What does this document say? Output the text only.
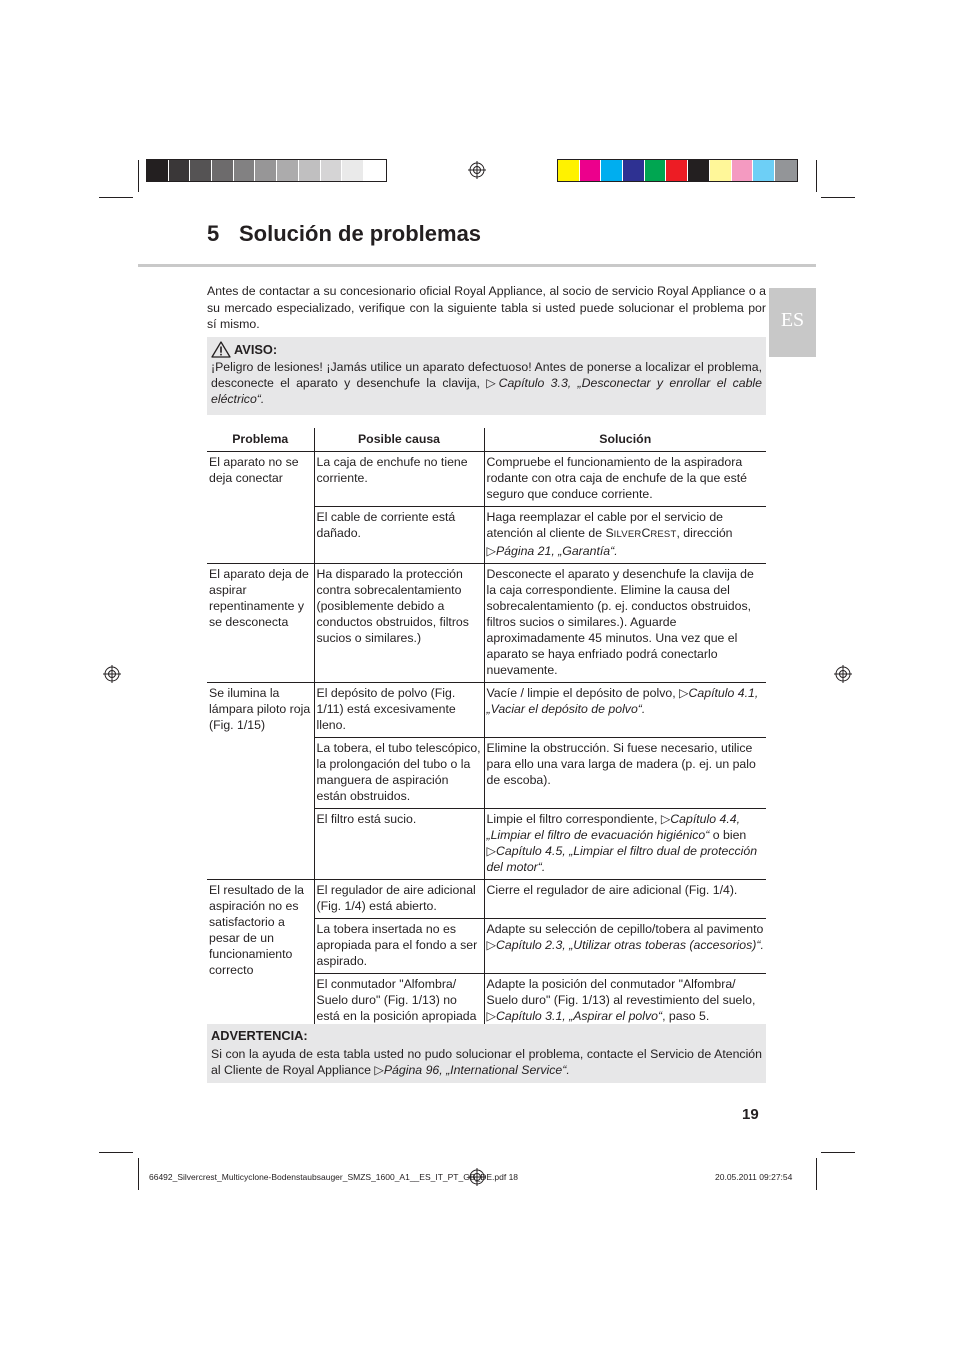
5 Solución de problemas
ES
Antes de contactar a su concesionario oficial Royal Appliance, al socio de servicio Royal Appliance o a su mercado especializado, verifique con la siguiente tabla si usted puede solucionar el problema por sí mismo.
AVISO:
¡Peligro de lesiones! ¡Jamás utilice un aparato defectuoso! Antes de ponerse a localizar el problema, desconecte el aparato y desenchufe la clavija, ▷Capítulo 3.3, „Desconectar y enrollar el cable eléctrico“.
Problema	Posible causa	Solución
El aparato no se deja conectar	La caja de enchufe no tiene corriente.	Compruebe el funcionamiento de la aspiradora rodante con otra caja de enchufe de la que esté seguro que conduce corriente.
	El cable de corriente está dañado.	Haga reemplazar el cable por el servicio de atención al cliente de SILVERCREST, dirección ▷Página 21, „Garantía“.
El aparato deja de aspirar repentinamente y se desconecta	Ha disparado la protección contra sobrecalentamiento (posiblemente debido a conductos obstruidos, filtros sucios o similares.)	Desconecte el aparato y desenchufe la clavija de la caja correspondiente. Elimine la causa del sobrecalentamiento (p. ej. conductos obstruidos, filtros sucios o similares.). Aguarde aproximadamente 45 minutos. Una vez que el aparato se haya enfriado podrá conectarlo nuevamente.
Se ilumina la lámpara piloto roja (Fig. 1/15)	El depósito de polvo (Fig. 1/11) está excesivamente lleno.	Vacíe / limpie el depósito de polvo, ▷Capítulo 4.1, „Vaciar el depósito de polvo“.
	La tobera, el tubo telescópico, la prolongación del tubo o la manguera de aspiración están obstruidos.	Elimine la obstrucción. Si fuese necesario, utilice para ello una vara larga de madera (p. ej. un palo de escoba).
	El filtro está sucio.	Limpie el filtro correspondiente, ▷Capítulo 4.4, „Limpiar el filtro de evacuación higiénico“ o bien ▷Capítulo 4.5, „Limpiar el filtro dual de protección del motor“.
El resultado de la aspiración no es satisfactorio a pesar de un funcionamiento correcto	El regulador de aire adicional (Fig. 1/4) está abierto.	Cierre el regulador de aire adicional (Fig. 1/4).
	La tobera insertada no es apropiada para el fondo a ser aspirado.	Adapte su selección de cepillo/tobera al pavimento ▷Capítulo 2.3, „Utilizar otras toberas (accesorios)“.
	El conmutador "Alfombra/ Suelo duro" (Fig. 1/13) no está en la posición apropiada	Adapte la posición del conmutador "Alfombra/ Suelo duro" (Fig. 1/13) al revestimiento del suelo, ▷Capítulo 3.1, „Aspirar el polvo“, paso 5.
ADVERTENCIA:
Si con la ayuda de esta tabla usted no pudo solucionar el problema, contacte el Servicio de Atención al Cliente de Royal Appliance ▷Página 96, „International Service“.
19
66492_Silvercrest_Multicyclone-Bodenstaubsauger_SMZS_1600_A1__ES_IT_PT_GB_DE.pdf 18	20.05.2011 09:27:54
